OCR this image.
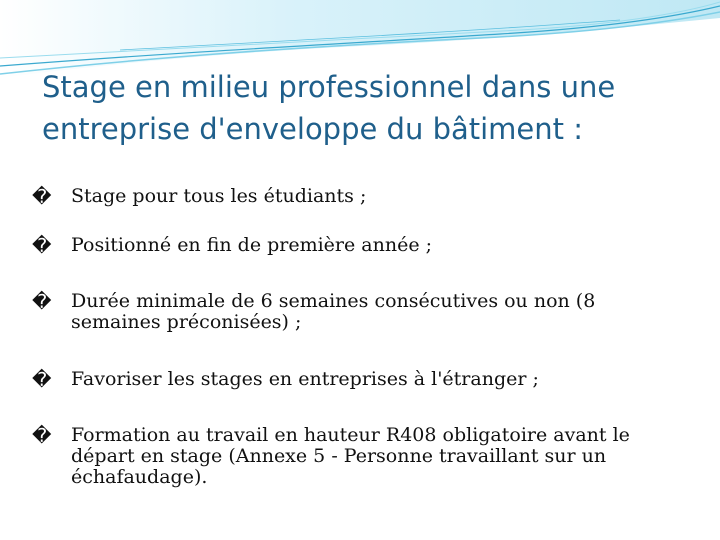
Stage en milieu professionnel dans une entreprise d'enveloppe du bâtiment :
� Stage pour tous les étudiants ;
� Positionné en fin de première année ;
� Durée minimale de 6 semaines consécutives ou non (8 semaines préconisées) ;
� Favoriser les stages en entreprises à l'étranger ;
� Formation au travail en hauteur R408 obligatoire avant le départ en stage (Annexe 5 - Personne travaillant sur un échafaudage).
